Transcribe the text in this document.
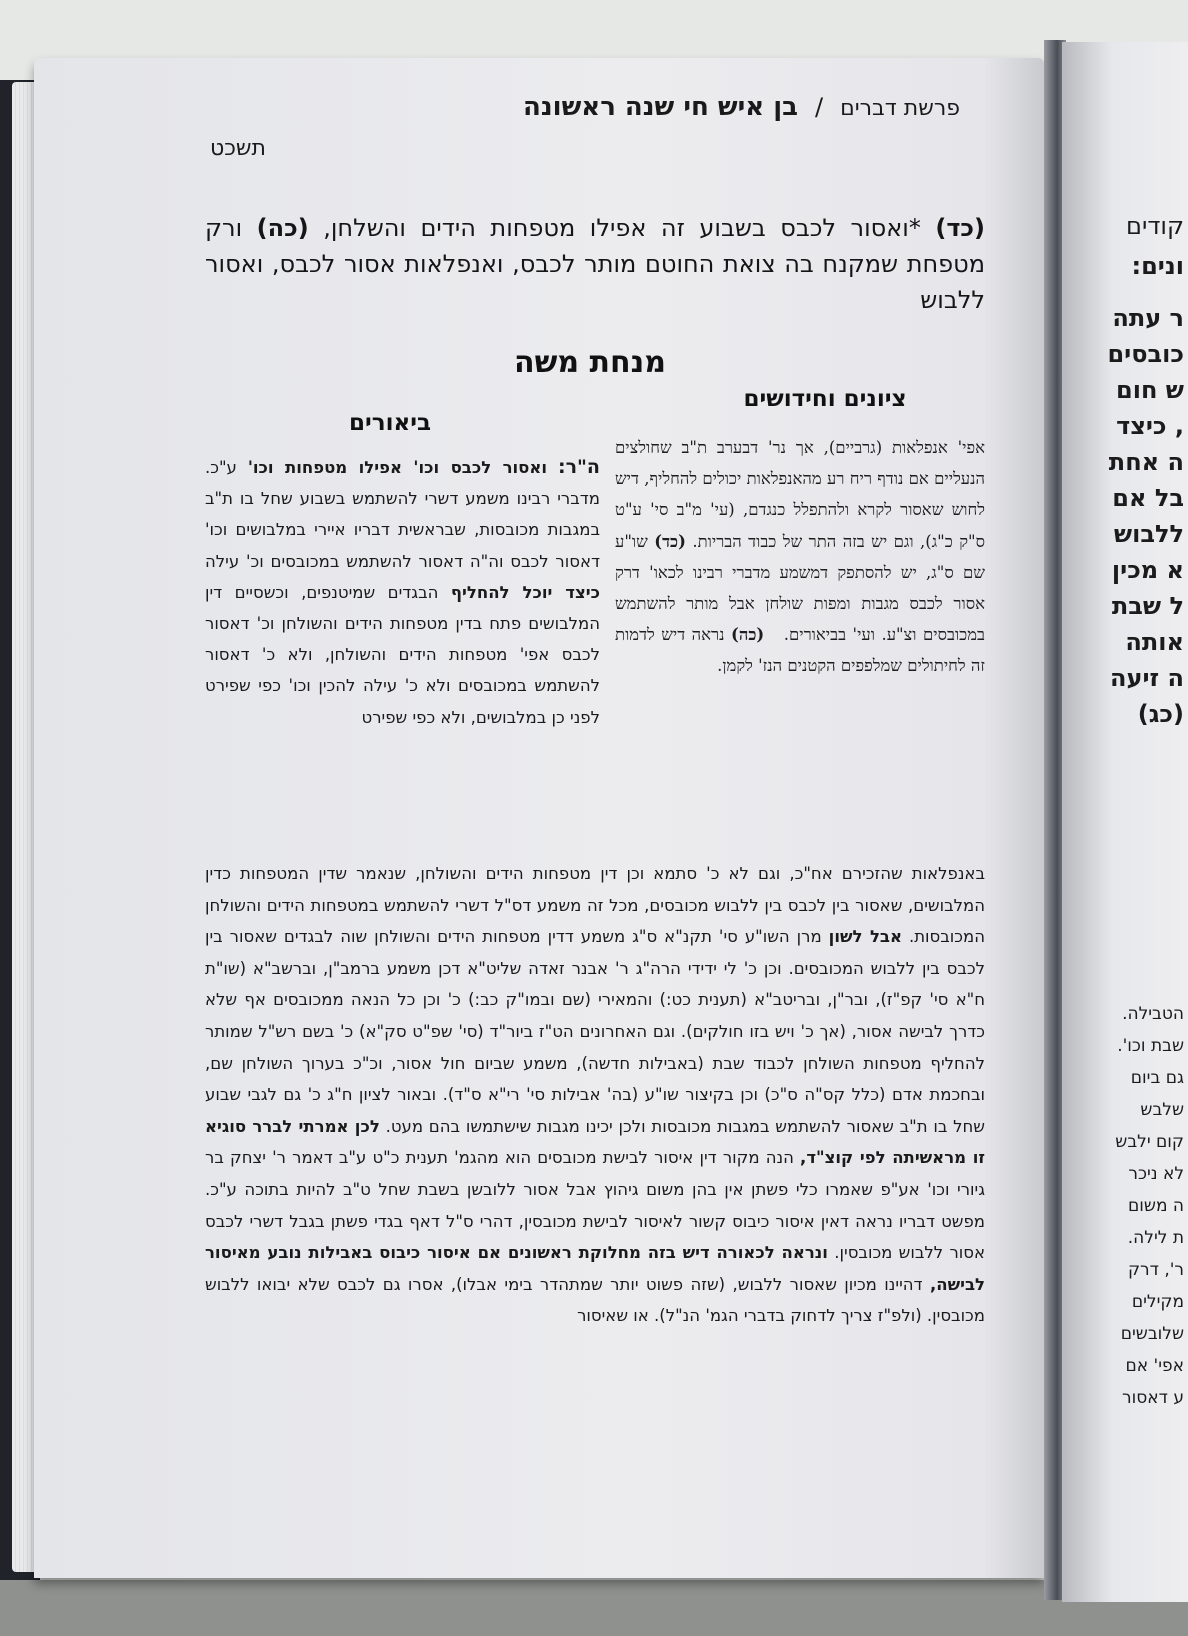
פרשת דברים / בן איש חי שנה ראשונה
תשכט
(כד) *ואסור לכבס בשבוע זה אפילו מטפחות הידים והשלחן, (כה) ורק מטפחת שמקנח בה צואת החוטם מותר לכבס, ואנפלאות אסור לכבס, ואסור ללבוש
מנחת משה
ציונים וחידושים
ביאורים
אפי' אנפלאות (גרביים), אך נר' דבערב ת"ב שחולצים הנעליים אם נודף ריח רע מהאנפלאות יכולים להחליף, דיש לחוש שאסור לקרא ולהתפלל כנגדם, (עי' מ"ב סי' ע"ט ס"ק כ"ג), וגם יש בזה התר של כבוד הבריות. (כד) שו"ע שם ס"ג, יש להסתפק דמשמע מדברי רבינו לכאו' דרק אסור לכבס מגבות ומפות שולחן אבל מותר להשתמש במכובסים וצ"ע. ועי' בביאורים.   (כה) נראה דיש לדמות זה לחיתולים שמלפפים הקטנים הנז' לקמן.
ה"ר: ואסור לכבס וכו' אפילו מטפחות וכו' ע"כ. מדברי רבינו משמע דשרי להשתמש בשבוע שחל בו ת"ב במגבות מכובסות, שבראשית דבריו איירי במלבושים וכו' דאסור לכבס וה"ה דאסור להשתמש במכובסים וכ' עילה כיצד יוכל להחליף הבגדים שמיטנפים, וכשסיים דין המלבושים פתח בדין מטפחות הידים והשולחן וכ' דאסור לכבס אפי' מטפחות הידים והשולחן, ולא כ' דאסור להשתמש במכובסים ולא כ' עילה להכין וכו' כפי שפירט לפני כן במלבושים, ולא כפי שפירט
באנפלאות שהזכירם אח"כ, וגם לא כ' סתמא וכן דין מטפחות הידים והשולחן, שנאמר שדין המטפחות כדין המלבושים, שאסור בין לכבס בין ללבוש מכובסים, מכל זה משמע דס"ל דשרי להשתמש במטפחות הידים והשולחן המכובסות. אבל לשון מרן השו"ע סי' תקנ"א ס"ג משמע דדין מטפחות הידים והשולחן שוה לבגדים שאסור בין לכבס בין ללבוש המכובסים. וכן כ' לי ידידי הרה"ג ר' אבנר זאדה שליט"א דכן משמע ברמב"ן, וברשב"א (שו"ת ח"א סי' קפ"ז), ובר"ן, ובריטב"א (תענית כט:) והמאירי (שם ובמו"ק כב:) כ' וכן כל הנאה ממכובסים אף שלא כדרך לבישה אסור, (אך כ' ויש בזו חולקים). וגם האחרונים הט"ז ביור"ד (סי' שפ"ט סק"א) כ' בשם רש"ל שמותר להחליף מטפחות השולחן לכבוד שבת (באבילות חדשה), משמע שביום חול אסור, וכ"כ בערוך השולחן שם, ובחכמת אדם (כלל קס"ה ס"כ) וכן בקיצור שו"ע (בה' אבילות סי' רי"א ס"ד). ובאור לציון ח"ג כ' גם לגבי שבוע שחל בו ת"ב שאסור להשתמש במגבות מכובסות ולכן יכינו מגבות שישתמשו בהם מעט. לכן אמרתי לברר סוגיא זו מראשיתה לפי קוצ"ד, הנה מקור דין איסור לבישת מכובסים הוא מהגמ' תענית כ"ט ע"ב דאמר ר' יצחק בר גיורי וכו' אע"פ שאמרו כלי פשתן אין בהן משום גיהוץ אבל אסור ללובשן בשבת שחל ט"ב להיות בתוכה ע"כ. מפשט דבריו נראה דאין איסור כיבוס קשור לאיסור לבישת מכובסין, דהרי ס"ל דאף בגדי פשתן בגבל דשרי לכבס אסור ללבוש מכובסין. ונראה לכאורה דיש בזה מחלוקת ראשונים אם איסור כיבוס באבילות נובע מאיסור לבישה, דהיינו מכיון שאסור ללבוש, (שזה פשוט יותר שמתהדר בימי אבלו), אסרו גם לכבס שלא יבואו ללבוש מכובסין. (ולפ"ז צריך לדחוק בדברי הגמ' הנ"ל). או שאיסור
קודים
ונים:
ר עתה
כובסים
ש חום
, כיצד
ה אחת
בל אם
ללבוש
א מכין
ל שבת
אותה
ה זיעה
(כג)
הטבילה.
שבת וכו'.
גם ביום
שלבש
קום ילבש
לא ניכר
ה משום
ת לילה.
ר', דרק
מקילים
שלובשים
אפי' אם
ע דאסור
